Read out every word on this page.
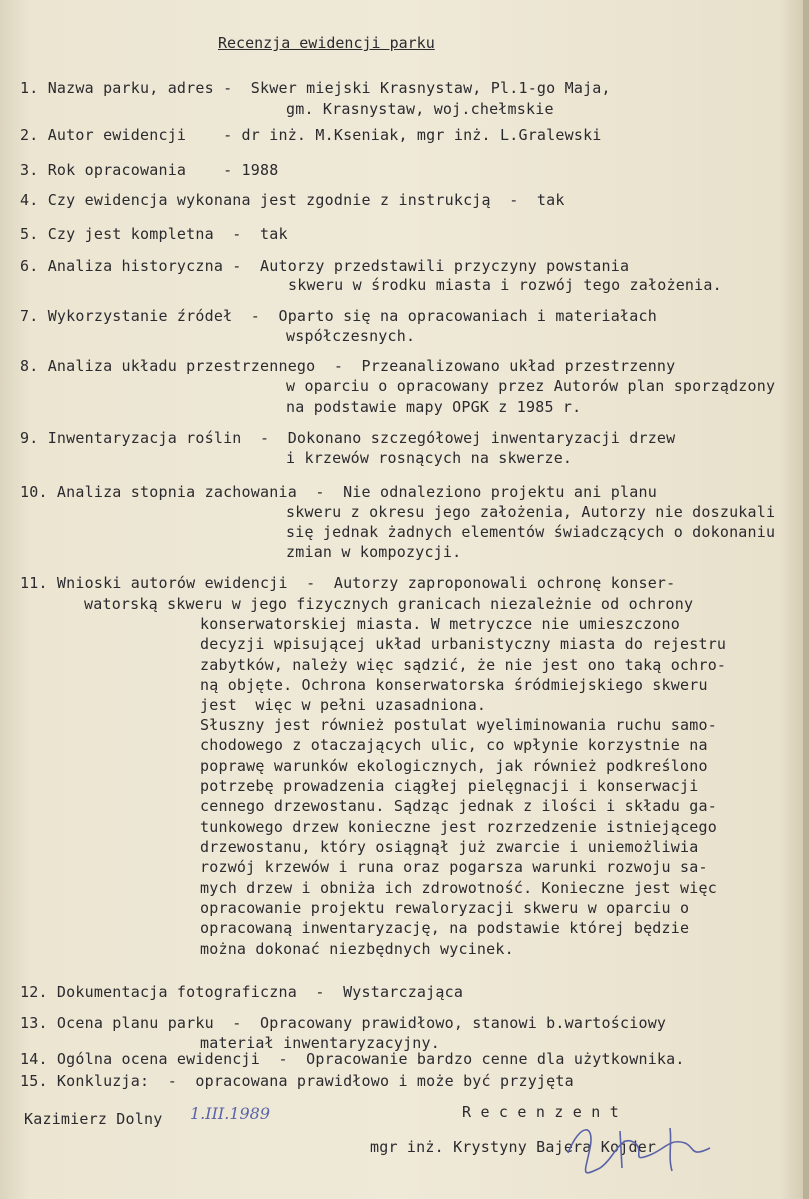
Recenzja ewidencji parku
1. Nazwa parku, adres -  Skwer miejski Krasnystaw, Pl.1-go Maja,
gm. Krasnystaw, woj.chełmskie
2. Autor ewidencji    - dr inż. M.Kseniak, mgr inż. L.Gralewski
3. Rok opracowania    - 1988
4. Czy ewidencja wykonana jest zgodnie z instrukcją  -  tak
5. Czy jest kompletna  -  tak
6. Analiza historyczna -  Autorzy przedstawili przyczyny powstania
skweru w środku miasta i rozwój tego założenia.
7. Wykorzystanie źródeł  -  Oparto się na opracowaniach i materiałach
współczesnych.
8. Analiza układu przestrzennego  -  Przeanalizowano układ przestrzenny
w oparciu o opracowany przez Autorów plan sporządzony
na podstawie mapy OPGK z 1985 r.
9. Inwentaryzacja roślin  -  Dokonano szczegółowej inwentaryzacji drzew
i krzewów rosnących na skwerze.
10. Analiza stopnia zachowania  -  Nie odnaleziono projektu ani planu
skweru z okresu jego założenia, Autorzy nie doszukali
się jednak żadnych elementów świadczących o dokonaniu
zmian w kompozycji.
11. Wnioski autorów ewidencji  -  Autorzy zaproponowali ochronę konser-
watorską skweru w jego fizycznych granicach niezależnie od ochrony
konserwatorskiej miasta. W metryczce nie umieszczono
decyzji wpisującej układ urbanistyczny miasta do rejestru
zabytków, należy więc sądzić, że nie jest ono taką ochro-
ną objęte. Ochrona konserwatorska śródmiejskiego skweru
jest  więc w pełni uzasadniona.
Słuszny jest również postulat wyeliminowania ruchu samo-
chodowego z otaczających ulic, co wpłynie korzystnie na
poprawę warunków ekologicznych, jak również podkreślono
potrzebę prowadzenia ciągłej pielęgnacji i konserwacji
cennego drzewostanu. Sądząc jednak z ilości i składu ga-
tunkowego drzew konieczne jest rozrzedzenie istniejącego
drzewostanu, który osiągnął już zwarcie i uniemożliwia
rozwój krzewów i runa oraz pogarsza warunki rozwoju sa-
mych drzew i obniża ich zdrowotność. Konieczne jest więc
opracowanie projektu rewaloryzacji skweru w oparciu o
opracowaną inwentaryzację, na podstawie której będzie
można dokonać niezbędnych wycinek.
12. Dokumentacja fotograficzna  -  Wystarczająca
13. Ocena planu parku  -  Opracowany prawidłowo, stanowi b.wartościowy
materiał inwentaryzacyjny.
14. Ogólna ocena ewidencji  -  Opracowanie bardzo cenne dla użytkownika.
15. Konkluzja:  -  opracowana prawidłowo i może być przyjęta
Kazimierz Dolny 1.III.1989	R e c e n z e n t
mgr inż. Krystyny Bajera Kojder
